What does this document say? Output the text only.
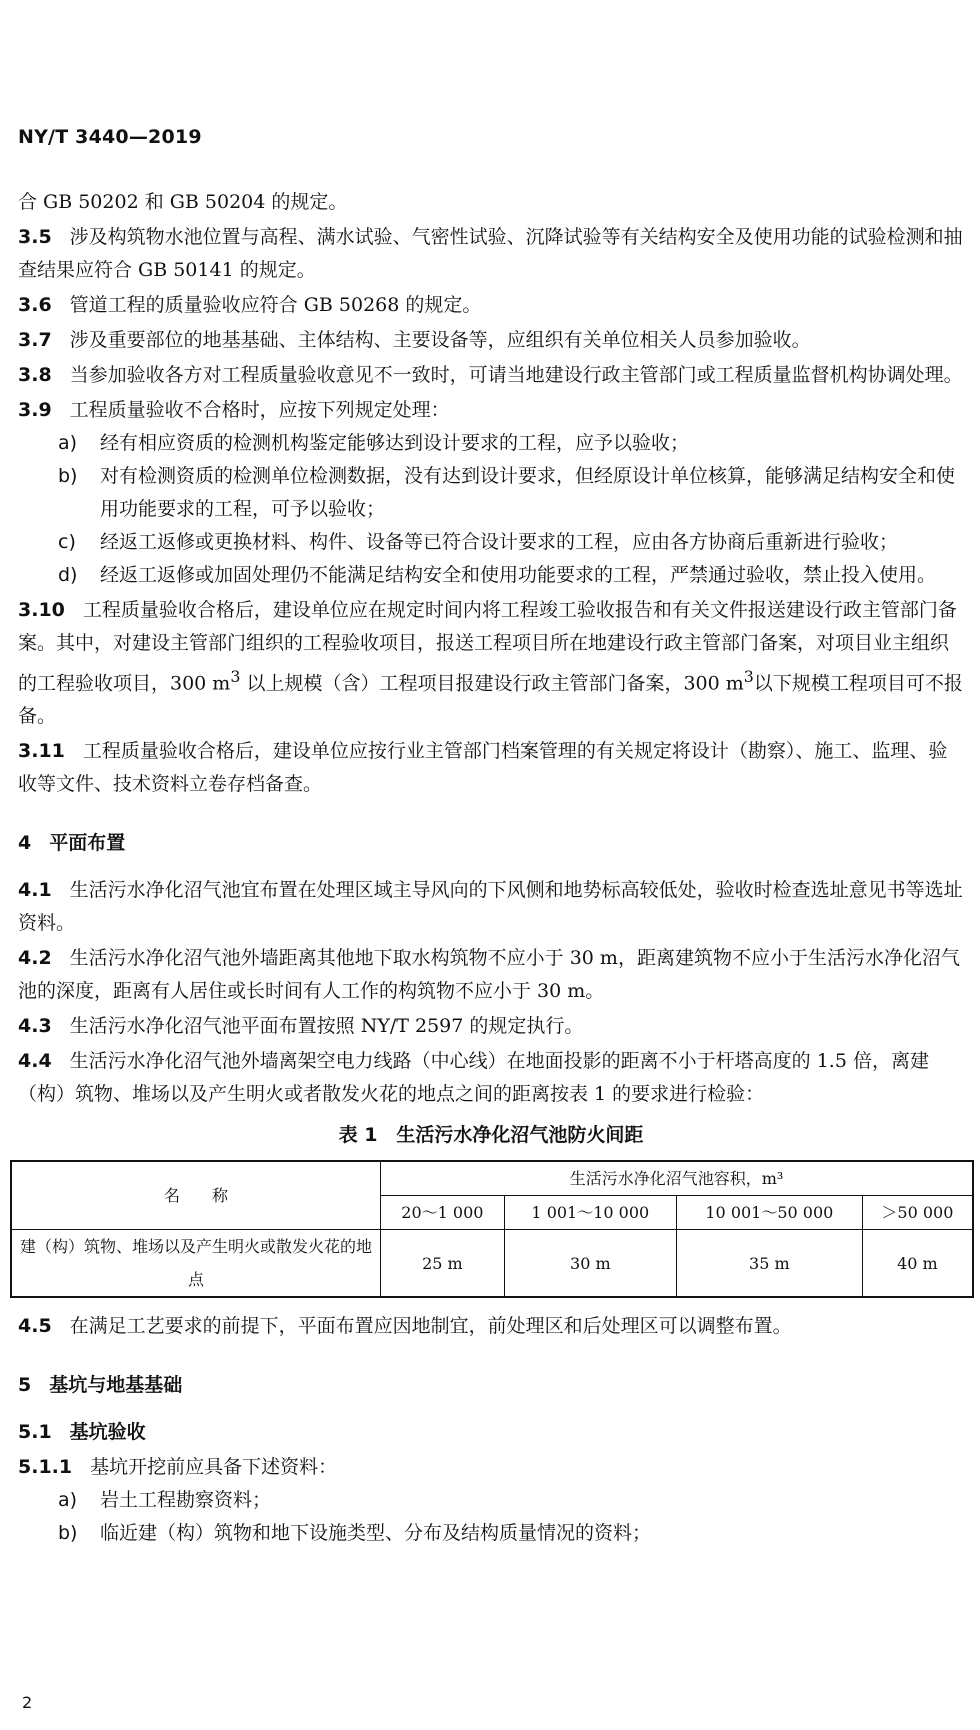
NY/T 3440—2019

合 GB 50202 和 GB 50204 的规定。

3.5 涉及构筑物水池位置与高程、满水试验、气密性试验、沉降试验等有关结构安全及使用功能的试验检测和抽查结果应符合 GB 50141 的规定。

3.6 管道工程的质量验收应符合 GB 50268 的规定。

3.7 涉及重要部位的地基基础、主体结构、主要设备等，应组织有关单位相关人员参加验收。

3.8 当参加验收各方对工程质量验收意见不一致时，可请当地建设行政主管部门或工程质量监督机构协调处理。

3.9 工程质量验收不合格时，应按下列规定处理：

a)	经有相应资质的检测机构鉴定能够达到设计要求的工程，应予以验收；
b)	对有检测资质的检测单位检测数据，没有达到设计要求，但经原设计单位核算，能够满足结构安全和使用功能要求的工程，可予以验收；
c)	经返工返修或更换材料、构件、设备等已符合设计要求的工程，应由各方协商后重新进行验收；
d)	经返工返修或加固处理仍不能满足结构安全和使用功能要求的工程，严禁通过验收，禁止投入使用。

3.10 工程质量验收合格后，建设单位应在规定时间内将工程竣工验收报告和有关文件报送建设行政主管部门备案。其中，对建设主管部门组织的工程验收项目，报送工程项目所在地建设行政主管部门备案，对项目业主组织的工程验收项目，300 $m^3$ 以上规模（含）工程项目报建设行政主管部门备案，300 $m^3$以下规模工程项目可不报备。

3.11 工程质量验收合格后，建设单位应按行业主管部门档案管理的有关规定将设计（勘察）、施工、监理、验收等文件、技术资料立卷存档备查。

4 平面布置

4.1 生活污水净化沼气池宜布置在处理区域主导风向的下风侧和地势标高较低处，验收时检查选址意见书等选址资料。

4.2 生活污水净化沼气池外墙距离其他地下取水构筑物不应小于 30 m，距离建筑物不应小于生活污水净化沼气池的深度，距离有人居住或长时间有人工作的构筑物不应小于 30 m。

4.3 生活污水净化沼气池平面布置按照 NY/T 2597 的规定执行。

4.4 生活污水净化沼气池外墙离架空电力线路（中心线）在地面投影的距离不小于杆塔高度的 1.5 倍，离建（构）筑物、堆场以及产生明火或者散发火花的地点之间的距离按表 1 的要求进行检验：

表 1　生活污水净化沼气池防火间距

名　　称	生活污水净化沼气池容积，m³			
	20～1 000	1 001～10 000	10 001～50 000	＞50 000
建（构）筑物、堆场以及产生明火或散发火花的地点	25 m	30 m	35 m	40 m

4.5 在满足工艺要求的前提下，平面布置应因地制宜，前处理区和后处理区可以调整布置。

5 基坑与地基基础

5.1 基坑验收

5.1.1 基坑开挖前应具备下述资料：

a)	岩土工程勘察资料；
b)	临近建（构）筑物和地下设施类型、分布及结构质量情况的资料；
2
